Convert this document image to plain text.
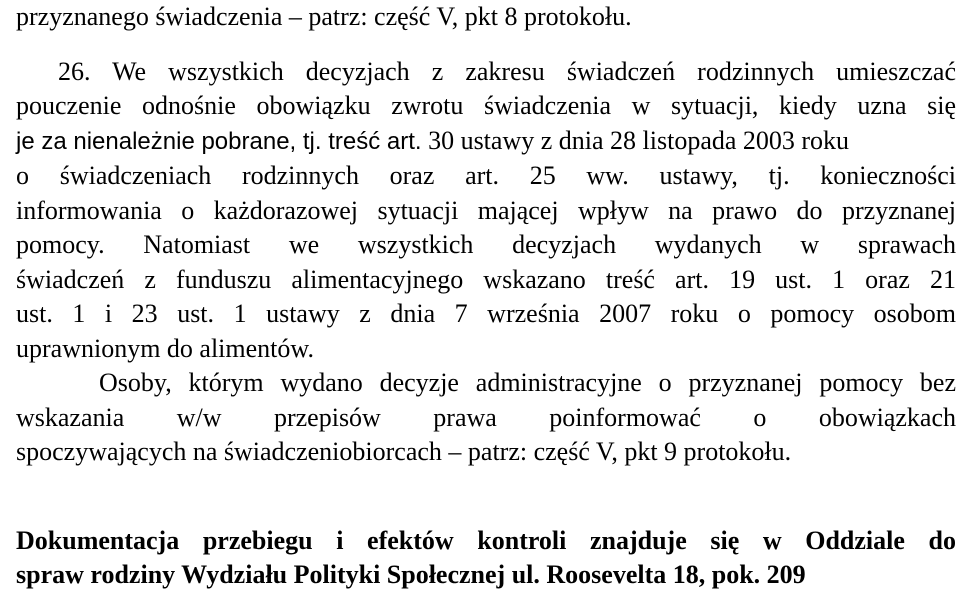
przyznanego świadczenia – patrz: część V, pkt 8 protokołu.
26. We wszystkich decyzjach z zakresu świadczeń rodzinnych umieszczać
pouczenie odnośnie obowiązku zwrotu świadczenia w sytuacji, kiedy uzna się
je za nienależnie pobrane, tj. treść art. 30 ustawy z dnia 28 listopada 2003 roku
o świadczeniach rodzinnych oraz art. 25 ww. ustawy, tj. konieczności
informowania o każdorazowej sytuacji mającej wpływ na prawo do przyznanej
pomocy. Natomiast we wszystkich decyzjach wydanych w sprawach
świadczeń z funduszu alimentacyjnego wskazano treść art. 19 ust. 1 oraz 21
ust. 1 i 23 ust. 1 ustawy z dnia 7 września 2007 roku o pomocy osobom
uprawnionym do alimentów.
Osoby, którym wydano decyzje administracyjne o przyznanej pomocy bez
wskazania w/w przepisów prawa poinformować o obowiązkach
spoczywających na świadczeniobiorcach – patrz: część V, pkt 9 protokołu.
Dokumentacja przebiegu i efektów kontroli znajduje się w Oddziale do
spraw rodziny Wydziału Polityki Społecznej ul. Roosevelta 18, pok. 209
